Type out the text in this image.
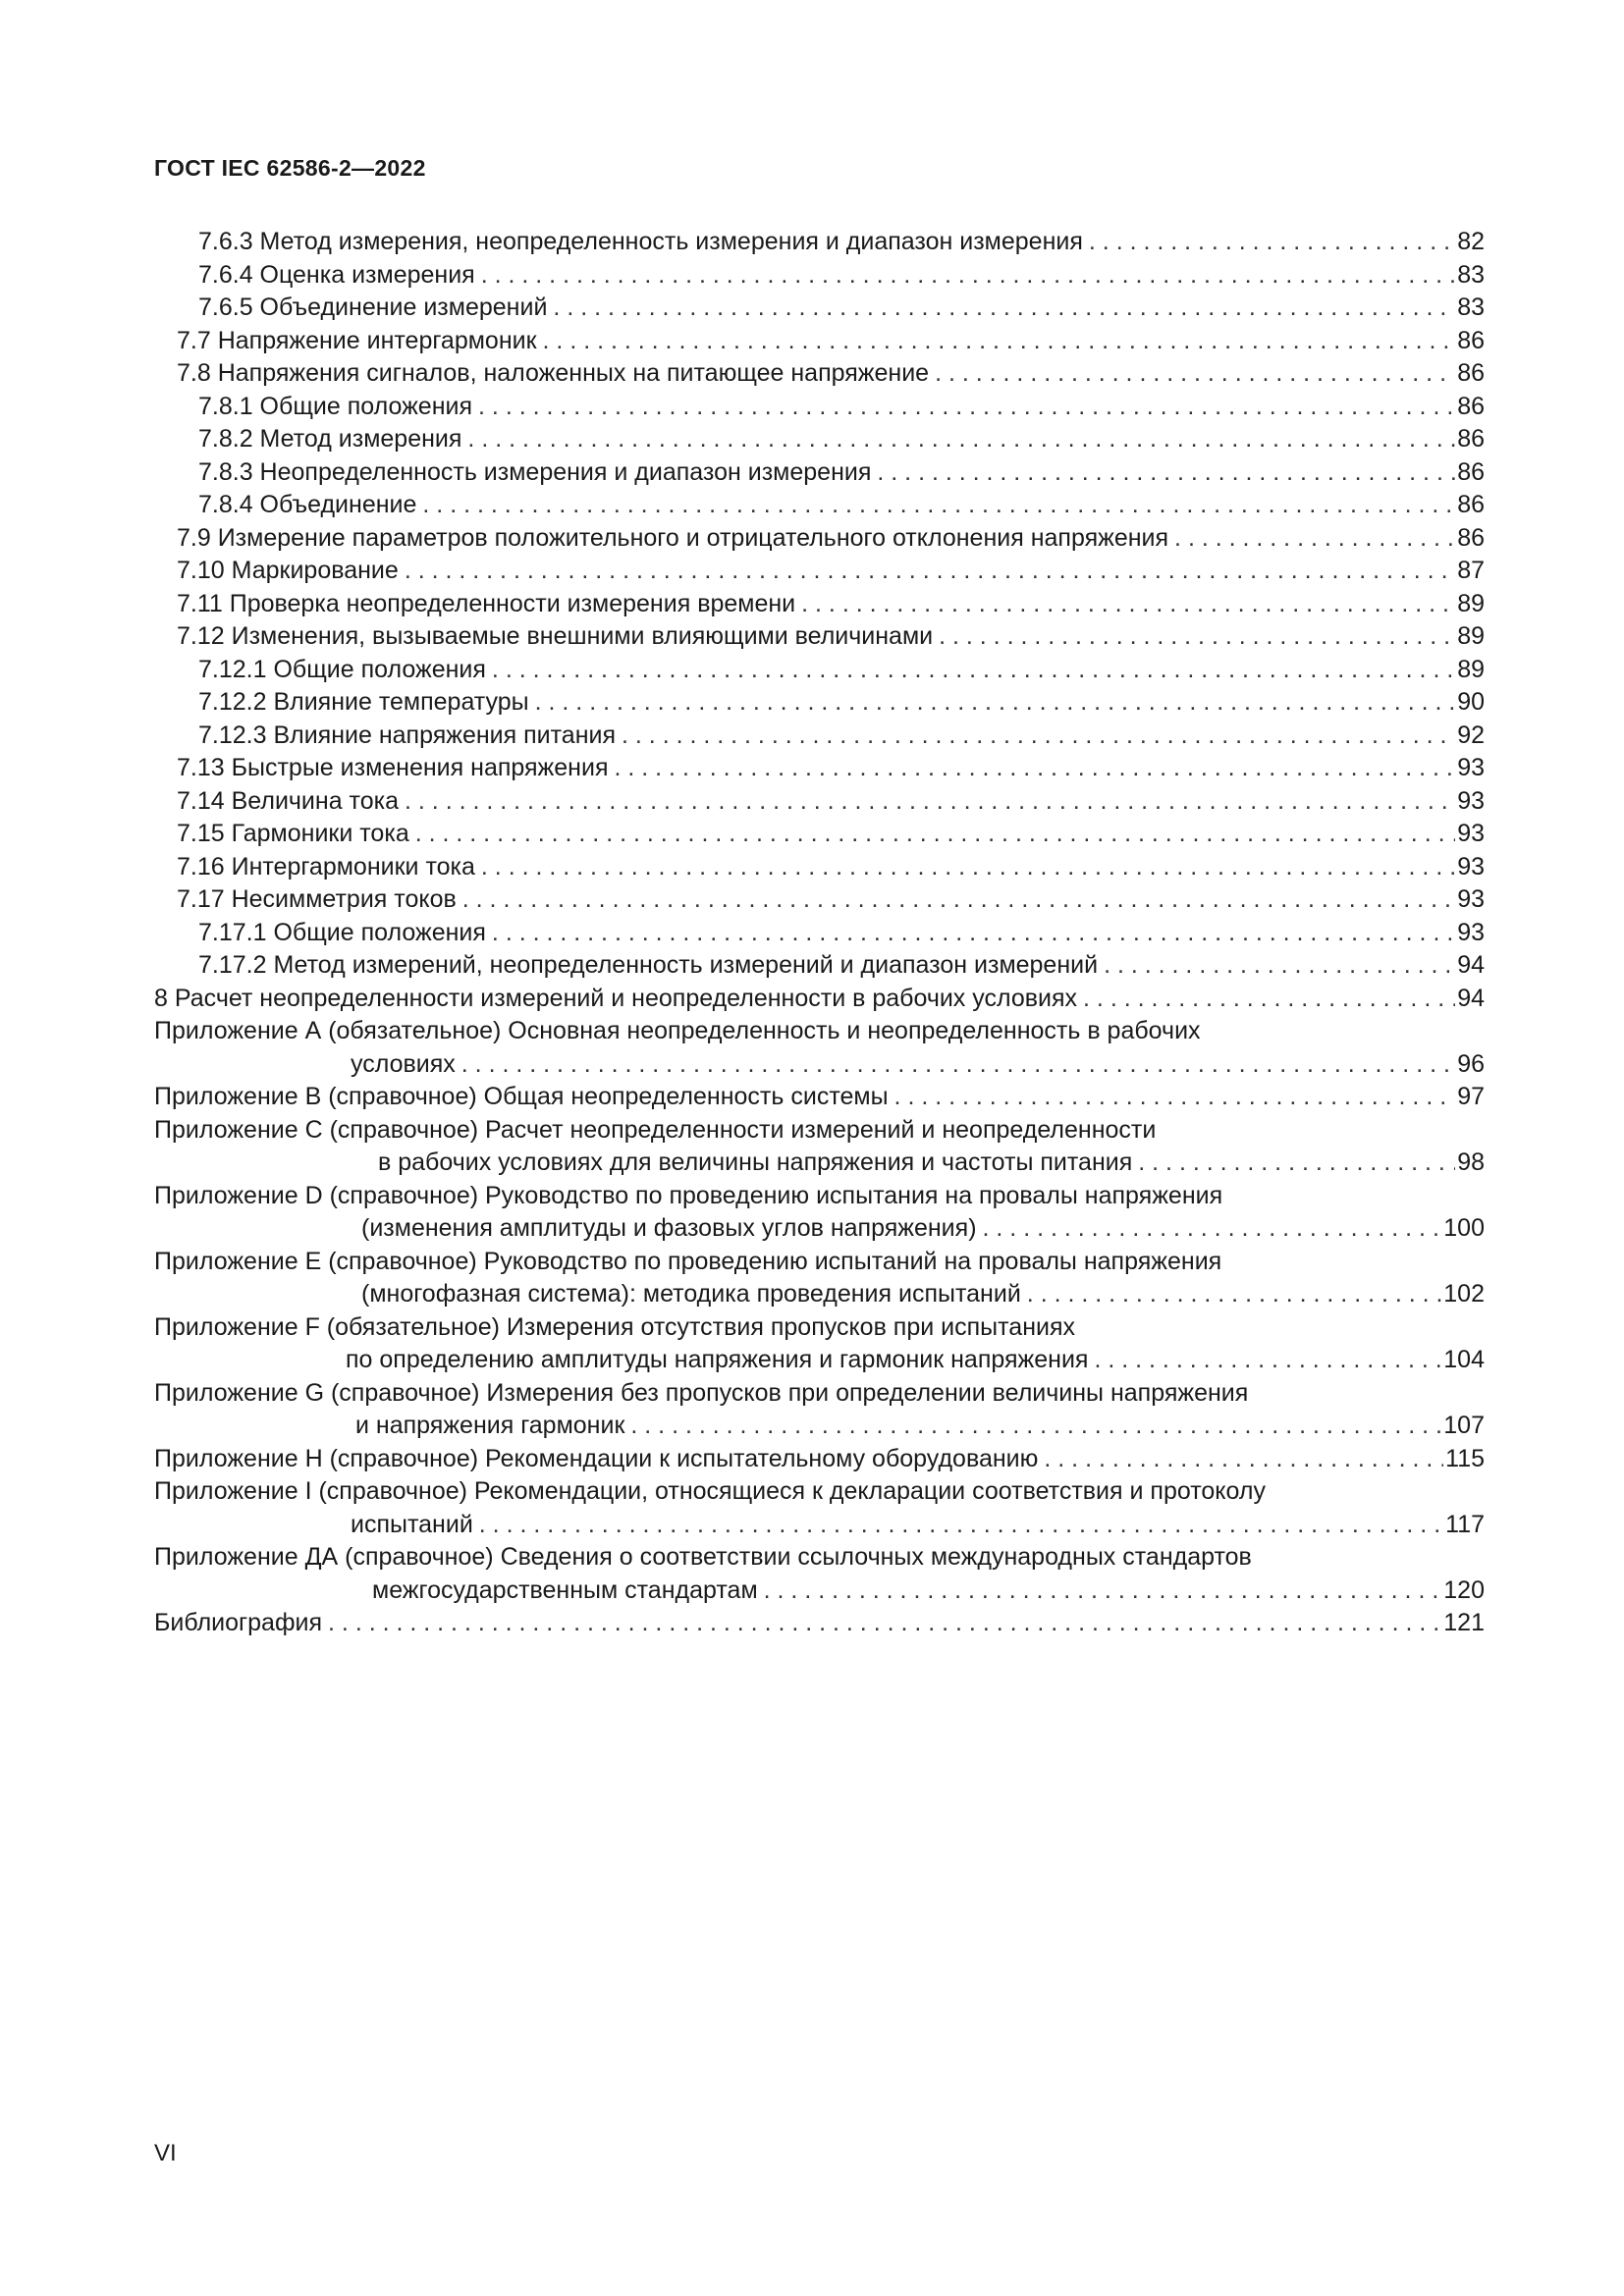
ГОСТ IEC 62586-2—2022
7.6.3 Метод измерения, неопределенность измерения и диапазон измерения . . .	82
7.6.4 Оценка измерения . . .	83
7.6.5 Объединение измерений . . .	83
7.7 Напряжение интергармоник . . .	86
7.8 Напряжения сигналов, наложенных на питающее напряжение . . .	86
7.8.1 Общие положения . . .	86
7.8.2 Метод измерения . . .	86
7.8.3 Неопределенность измерения и диапазон измерения . . .	86
7.8.4 Объединение . . .	86
7.9 Измерение параметров положительного и отрицательного отклонения напряжения . . .	86
7.10 Маркирование . . .	87
7.11 Проверка неопределенности измерения времени . . .	89
7.12 Изменения, вызываемые внешними влияющими величинами . . .	89
7.12.1 Общие положения . . .	89
7.12.2 Влияние температуры . . .	90
7.12.3 Влияние напряжения питания . . .	92
7.13 Быстрые изменения напряжения . . .	93
7.14 Величина тока . . .	93
7.15 Гармоники тока . . .	93
7.16 Интергармоники тока . . .	93
7.17 Несимметрия токов . . .	93
7.17.1 Общие положения . . .	93
7.17.2 Метод измерений, неопределенность измерений и диапазон измерений . . .	94
8 Расчет неопределенности измерений и неопределенности в рабочих условиях . . .	94
Приложение А (обязательное) Основная неопределенность и неопределенность в рабочих
условиях . . .	96
Приложение В (справочное) Общая неопределенность системы . . .	97
Приложение С (справочное) Расчет неопределенности измерений и неопределенности
в рабочих условиях для величины напряжения и частоты питания . . .	98
Приложение D (справочное) Руководство по проведению испытания на провалы напряжения
(изменения амплитуды и фазовых углов напряжения) . . .	100
Приложение Е (справочное) Руководство по проведению испытаний на провалы напряжения
(многофазная система): методика проведения испытаний . . .	102
Приложение F (обязательное) Измерения отсутствия пропусков при испытаниях
по определению амплитуды напряжения и гармоник напряжения . . .	104
Приложение G (справочное) Измерения без пропусков при определении величины напряжения
и напряжения гармоник . . .	107
Приложение Н (справочное) Рекомендации к испытательному оборудованию . . .	115
Приложение I (справочное) Рекомендации, относящиеся к декларации соответствия и протоколу
испытаний . . .	117
Приложение ДА (справочное) Сведения о соответствии ссылочных международных стандартов
межгосударственным стандартам . . .	120
Библиография . . .	121
VI
